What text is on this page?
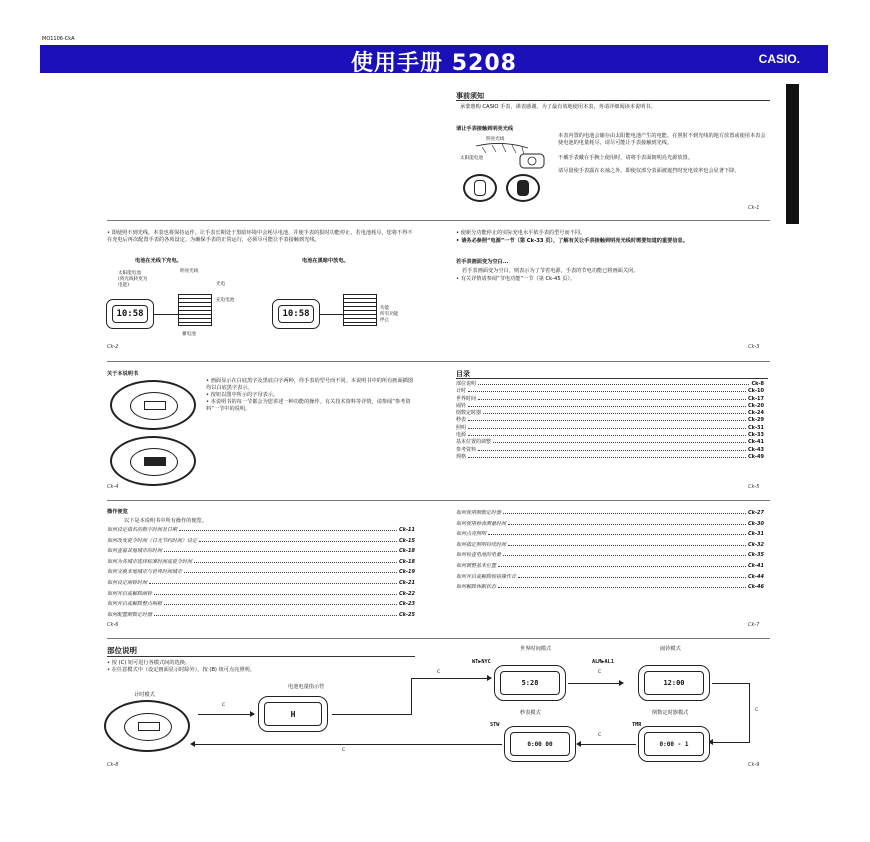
MO1106-CkA
使用手册 5208	CASIO.
事前须知
承蒙惠购 CASIO 手表，谨表感谢。为了最有效地使用本表，务请详细阅读本说明书。
请让手表接触到明亮光线
明亮光线
太阳能电池
本表内置的电池会储存由太阳能电池产生的电能。在照射不到光线的地方放置或使用本表会使电池的电量耗尽，请尽可能让手表接触到光线。
不戴手表戴在手腕上使用时，请将手表面朝明亮光源放置。
请尽量使手表露在衣袖之外。即使仅部分表面被遮挡时充电效率也会显著下降。
Ck-1
• 即使照不到光线，本表也将保持运作。让手表长期处于黑暗环境中会耗尽电池，并使手表的报时功能停止，若电池耗尽，您将不得不在充电后再次配置手表的各项设定。为确保手表的正常运行，必须尽可能让手表接触到光线。
电池在光线下充电。	电池在黑暗中放电。
太阳能电池
(将光线转变为
电能)
明亮光线
光电
充电电池
蓄电池
10:58	10:58
功能
所有功能
停止
Ck-2
• 使新分功能停止的实际充电水平依手表的型号而不同。
• 请务必参照“电源”一节（第 Ck-33 页），了解有关让手表接触到明亮光线时需要知道的重要信息。
若手表画面变为空白...
若手表画面变为空白，则表示为了节省电源，手表的节电功能已将画面关闭。
• 有关详情请参阅“节电功能”一节（第 Ck-45 页）。
Ck-3
关于本说明书
• 画面显示在白底黑字及黑底白字两种，你手表的型号而不同。本说明书中的所有画面插图均以白底黑字表示。
• 按钮以图中所示的字母表示。
• 本说明书的每一节都会为您讲述一种功能的操作。有关技术资料等详情，请参阅“参考资料”一节中的说明。
Ck-4
目录
部位说明	Ck-8
计时	Ck-10
世界时间	Ck-17
闹铃	Ck-20
倒数定时器	Ck-24
秒表	Ck-29
照明	Ck-31
电源	Ck-33
基本位置的调整	Ck-41
参考资料	Ck-43
规格	Ck-49
Ck-5
操作便览
以下是本说明书中所有操作的便览。
如何设定指名的数字时间及日期	Ck-11
如何改变夏令时间（日光节约时间）设定	Ck-15
如何查看其他城市的时间	Ck-18
如何为各城市选择标准时间或夏令时间	Ck-18
如何交换本地城市与世界时间城市	Ck-19
如何设定闹铃时间	Ck-21
如何开启或解除闹铃	Ck-22
如何开启或解除整点响报	Ck-23
如何配置倒数定时器	Ck-25
Ck-6
如何使用倒数定时器	Ck-27
如何使用秒表测量时间	Ck-30
如何点亮照明	Ck-31
如何指定照明持续时间	Ck-32
如何检查电池的电量	Ck-35
如何调整基本位置	Ck-41
如何开启或解除按钮操作音	Ck-44
如何解除休眠状态	Ck-46
Ck-7
部位说明
• 按 (C) 钮可进行各模式间的选换。
• 在任意模式中（设定画面显示时除外），按 (B) 钮可点亮照明。
计时模式
电池电量指示符
H
C
C
世界时间模式
WT▶NYC
5:28
C
闹铃模式
ALM▶AL1
12:00
C
倒数定时器模式
TMR
0:00 - 1
C
秒表模式
STW
0:00 00
C
Ck-8	Ck-9
